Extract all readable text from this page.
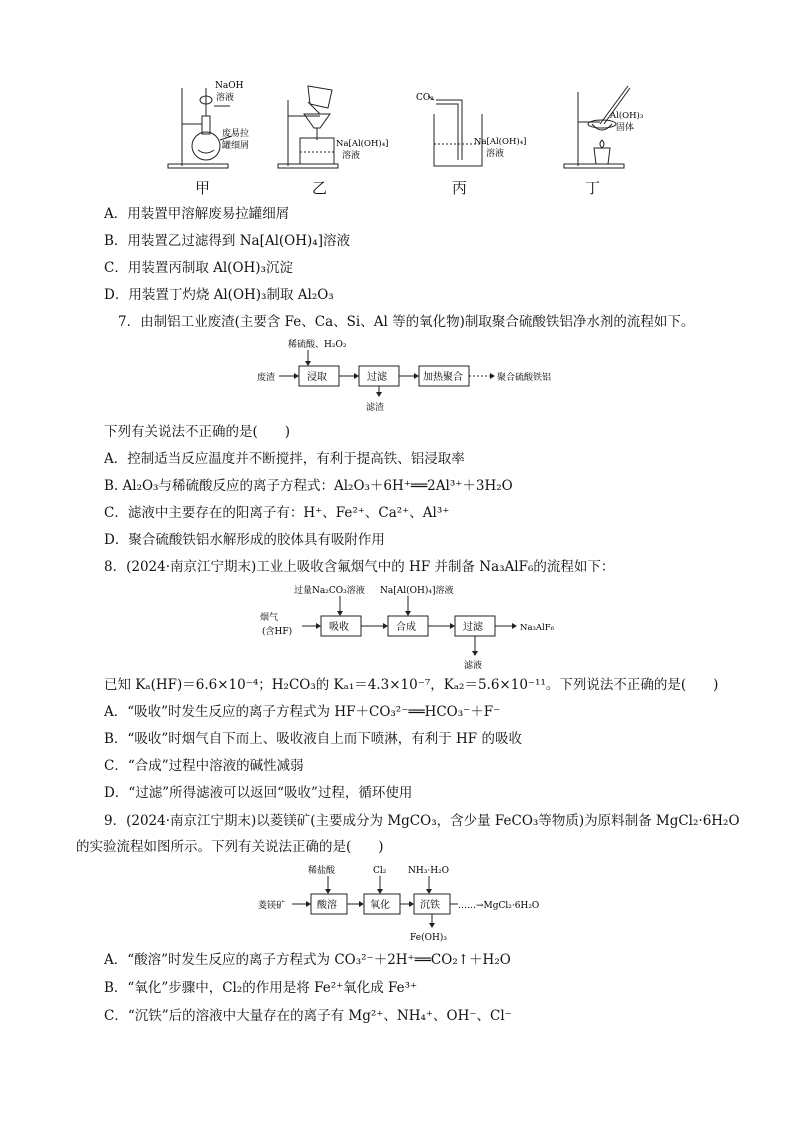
NaOH
溶液
废易拉
罐细屑	Na[Al(OH)₄]
溶液
CO₂
Na[Al(OH)₄]
溶液
Al(OH)₃
固体
甲	乙	丙	丁
A．用装置甲溶解废易拉罐细屑
B．用装置乙过滤得到 Na[Al(OH)₄]溶液
C．用装置丙制取 Al(OH)₃沉淀
D．用装置丁灼烧 Al(OH)₃制取 Al₂O₃
7．由制铝工业废渣(主要含 Fe、Ca、Si、Al 等的氧化物)制取聚合硫酸铁铝净水剂的流程如下。
稀硫酸、H₂O₂
废渣	浸取	过滤	加热聚合	聚合硫酸铁铝
滤渣
下列有关说法不正确的是(　　)
A．控制适当反应温度并不断搅拌，有利于提高铁、铝浸取率
B. Al₂O₃与稀硫酸反应的离子方程式：Al₂O₃＋6H⁺══2Al³⁺＋3H₂O
C．滤液中主要存在的阳离子有：H⁺、Fe²⁺、Ca²⁺、Al³⁺
D．聚合硫酸铁铝水解形成的胶体具有吸附作用
8．(2024·南京江宁期末)工业上吸收含氟烟气中的 HF 并制备 Na₃AlF₆的流程如下：
过量Na₂CO₃溶液 Na[Al(OH)₄]溶液
烟气
(含HF)	吸收	合成	过滤	Na₃AlF₆
滤液
已知 Kₐ(HF)＝6.6×10⁻⁴；H₂CO₃的 Kₐ₁＝4.3×10⁻⁷，Kₐ₂＝5.6×10⁻¹¹。下列说法不正确的是(　　)
A．“吸收”时发生反应的离子方程式为 HF＋CO₃²⁻══HCO₃⁻＋F⁻
B．“吸收”时烟气自下而上、吸收液自上而下喷淋，有利于 HF 的吸收
C．“合成”过程中溶液的碱性减弱
D．“过滤”所得滤液可以返回“吸收”过程，循环使用
9．(2024·南京江宁期末)以菱镁矿(主要成分为 MgCO₃，含少量 FeCO₃等物质)为原料制备 MgCl₂·6H₂O
的实验流程如图所示。下列有关说法正确的是(　　)
稀盐酸	Cl₂ NH₃·H₂O
菱镁矿	酸溶	氧化	沉铁 ……→MgCl₂·6H₂O
Fe(OH)₃
A．“酸溶”时发生反应的离子方程式为 CO₃²⁻＋2H⁺══CO₂↑＋H₂O
B．“氧化”步骤中，Cl₂的作用是将 Fe²⁺氧化成 Fe³⁺
C．“沉铁”后的溶液中大量存在的离子有 Mg²⁺、NH₄⁺、OH⁻、Cl⁻
